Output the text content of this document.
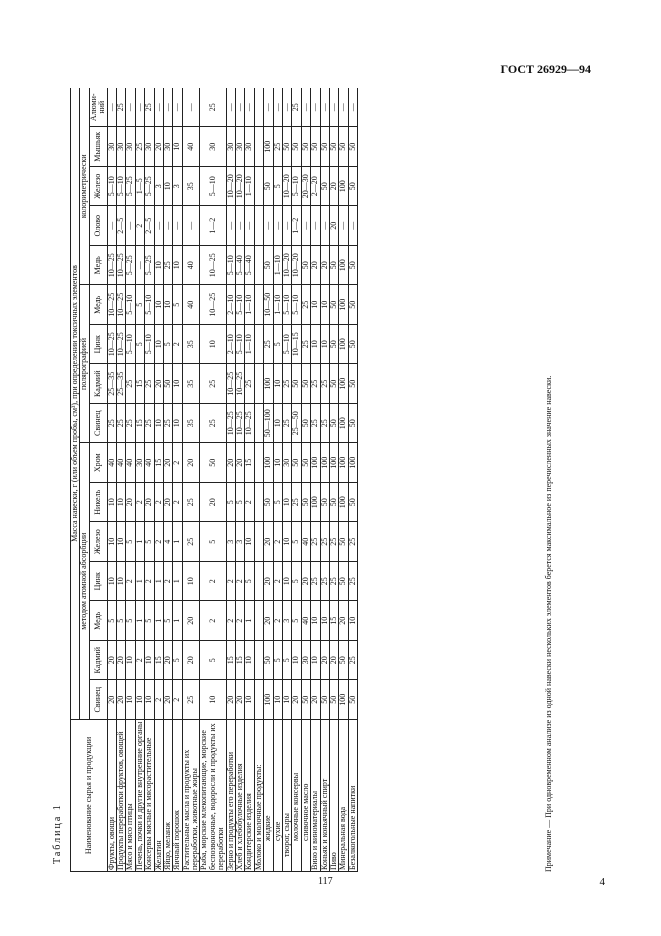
ГОСТ 26929—94
Таблица 1	Наименование сырья и продукции	Масса навески, г (или объем пробы, см³), при определении токсичных элементов															
	методом атомной абсорбции							полярографией				колориметрически				
	Свинец	Кадмий	Медь	Цинк	Железо	Никель	Хром	Свинец	Кадмий	Цинк	Медь	Медь	Олово	Железо	Мышьяк	Алюми-ний
Фрукты, овощи	20	20	5	10	10	10	40	25	25—35	10—25	10—25	10—25	—	5—10	30	—
Продукты переработки фруктов, овощей	20	20	5	10	10	10	40	25	25—35	10—25	10—25	10—25	2—5	5—10	30	25
Мясо и мясо птицы	10	10	5	2	5	20	40	25	25	5—10	5—10	5—25	—	5—25	30	—
Печень, почки и другие внутренние органы	10	2	1	1	1	2	30	15	15	5	5	—	2	1—5	25	—
Консервы мясные и мясорастительные	10	10	5	2	5	20	40	25	25	5—10	5—10	5—25	2—5	5—25	30	25
Желатин	2	15	1	1	2	2	15	10	20	10	10	10	—	3	20	—
Яйцо, меланж	20	20	5	2	4	20	20	25	50	5	10	25	—	10	30	—
Яичный порошок	2	5	1	1	1	2	2	10	10	2	5	10	—	3	10	—
Растительные масла и продукты их переработки, животные жиры	25	20	20	10	25	25	20	35	35	35	40	40	—	35	40	—
Рыба, морские млекопитающие, морские беспозвоночные, водоросли и продукты их переработки	10	5	2	2	5	20	50	25	25	10	10—25	10—25	1—2	5—10	30	25
Зерно и продукты его переработки	20	15	2	2	3	5	20	10—25	10—25	2—10	2—10	5—10	—	10—20	30	—
Хлеб и хлебобулочные изделия	20	15	2	2	3	5	20	10—25	10—25	5—10	5—10	5—40	—	10—20	30	—
Кондитерские изделия	10	10	1	5	10	2	15	10—25	25	1—10	1—10	5—40	—	1—10	30	—
Молоко и молочные продукты:																
жидкие	100	50	20	20	20	50	100	50—100	100	25	10—50	50	—	50	100	—
сухие	10	5	2	2	2	5	10	10	10	5	1—10	1—10	—	5	25	—
творог, сыры	10	5	3	10	10	10	30	25	25	5—10	5—10	10—20	—	10—20	50	—
молочные консервы	20	10	5	5	5	25	50	25—50	50	10—15	5—10	10—20	1—2	5—10	50	25
сливочное масло	50	30	40	20	40	50	50	50	50	25	25	50	—	20—30	50	—
Вино и виноматериалы	20	10	10	25	25	100	100	25	25	10	10	20	—	2—20	50	—
Коньяк и коньячный спирт	50	20	10	25	25	50	100	25	25	10	10	20	—	50	50	—
Пиво	50	20	15	25	25	50	100	50	50	50	50	50	20	20	50	—
Минеральная вода	100	50	20	50	50	100	100	100	100	100	100	100	—	100	50	—
Безалкогольные напитки	50	25	10	25	25	50	100	50	50	50	50	50	—	50	50	—
Примечание — При одновременном анализе из одной навески нескольких элементов берется максимальное из перечисленных значение навески.
117	4
